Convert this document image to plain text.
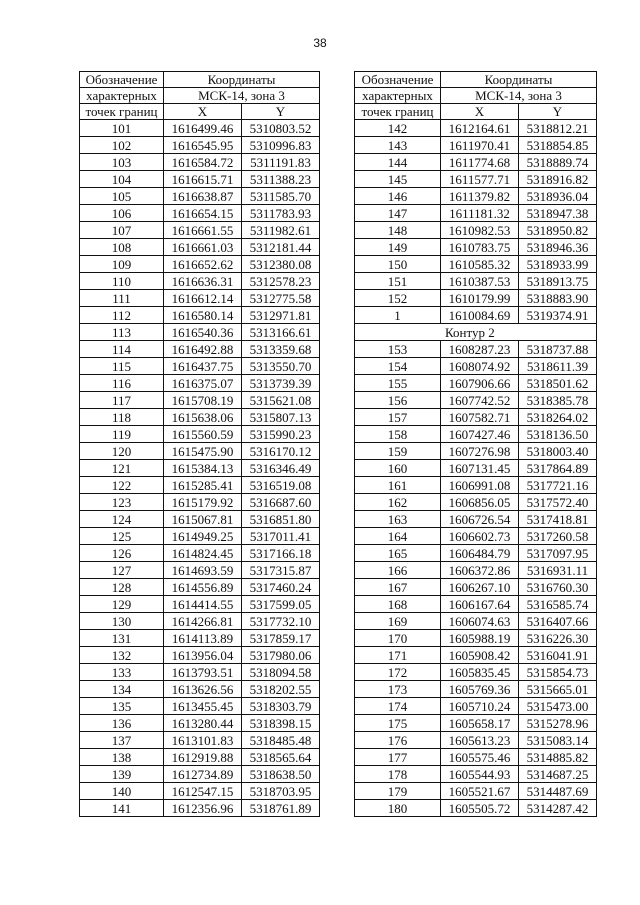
38
Обозначение	Координаты	
характерных	МСК-14, зона 3	
точек границ	X	Y
101	1616499.46	5310803.52
102	1616545.95	5310996.83
103	1616584.72	5311191.83
104	1616615.71	5311388.23
105	1616638.87	5311585.70
106	1616654.15	5311783.93
107	1616661.55	5311982.61
108	1616661.03	5312181.44
109	1616652.62	5312380.08
110	1616636.31	5312578.23
111	1616612.14	5312775.58
112	1616580.14	5312971.81
113	1616540.36	5313166.61
114	1616492.88	5313359.68
115	1616437.75	5313550.70
116	1616375.07	5313739.39
117	1615708.19	5315621.08
118	1615638.06	5315807.13
119	1615560.59	5315990.23
120	1615475.90	5316170.12
121	1615384.13	5316346.49
122	1615285.41	5316519.08
123	1615179.92	5316687.60
124	1615067.81	5316851.80
125	1614949.25	5317011.41
126	1614824.45	5317166.18
127	1614693.59	5317315.87
128	1614556.89	5317460.24
129	1614414.55	5317599.05
130	1614266.81	5317732.10
131	1614113.89	5317859.17
132	1613956.04	5317980.06
133	1613793.51	5318094.58
134	1613626.56	5318202.55
135	1613455.45	5318303.79
136	1613280.44	5318398.15
137	1613101.83	5318485.48
138	1612919.88	5318565.64
139	1612734.89	5318638.50
140	1612547.15	5318703.95
141	1612356.96	5318761.89
Обозначение	Координаты	
характерных	МСК-14, зона 3	
точек границ	X	Y
142	1612164.61	5318812.21
143	1611970.41	5318854.85
144	1611774.68	5318889.74
145	1611577.71	5318916.82
146	1611379.82	5318936.04
147	1611181.32	5318947.38
148	1610982.53	5318950.82
149	1610783.75	5318946.36
150	1610585.32	5318933.99
151	1610387.53	5318913.75
152	1610179.99	5318883.90
1	1610084.69	5319374.91
Контур 2		
153	1608287.23	5318737.88
154	1608074.92	5318611.39
155	1607906.66	5318501.62
156	1607742.52	5318385.78
157	1607582.71	5318264.02
158	1607427.46	5318136.50
159	1607276.98	5318003.40
160	1607131.45	5317864.89
161	1606991.08	5317721.16
162	1606856.05	5317572.40
163	1606726.54	5317418.81
164	1606602.73	5317260.58
165	1606484.79	5317097.95
166	1606372.86	5316931.11
167	1606267.10	5316760.30
168	1606167.64	5316585.74
169	1606074.63	5316407.66
170	1605988.19	5316226.30
171	1605908.42	5316041.91
172	1605835.45	5315854.73
173	1605769.36	5315665.01
174	1605710.24	5315473.00
175	1605658.17	5315278.96
176	1605613.23	5315083.14
177	1605575.46	5314885.82
178	1605544.93	5314687.25
179	1605521.67	5314487.69
180	1605505.72	5314287.42
